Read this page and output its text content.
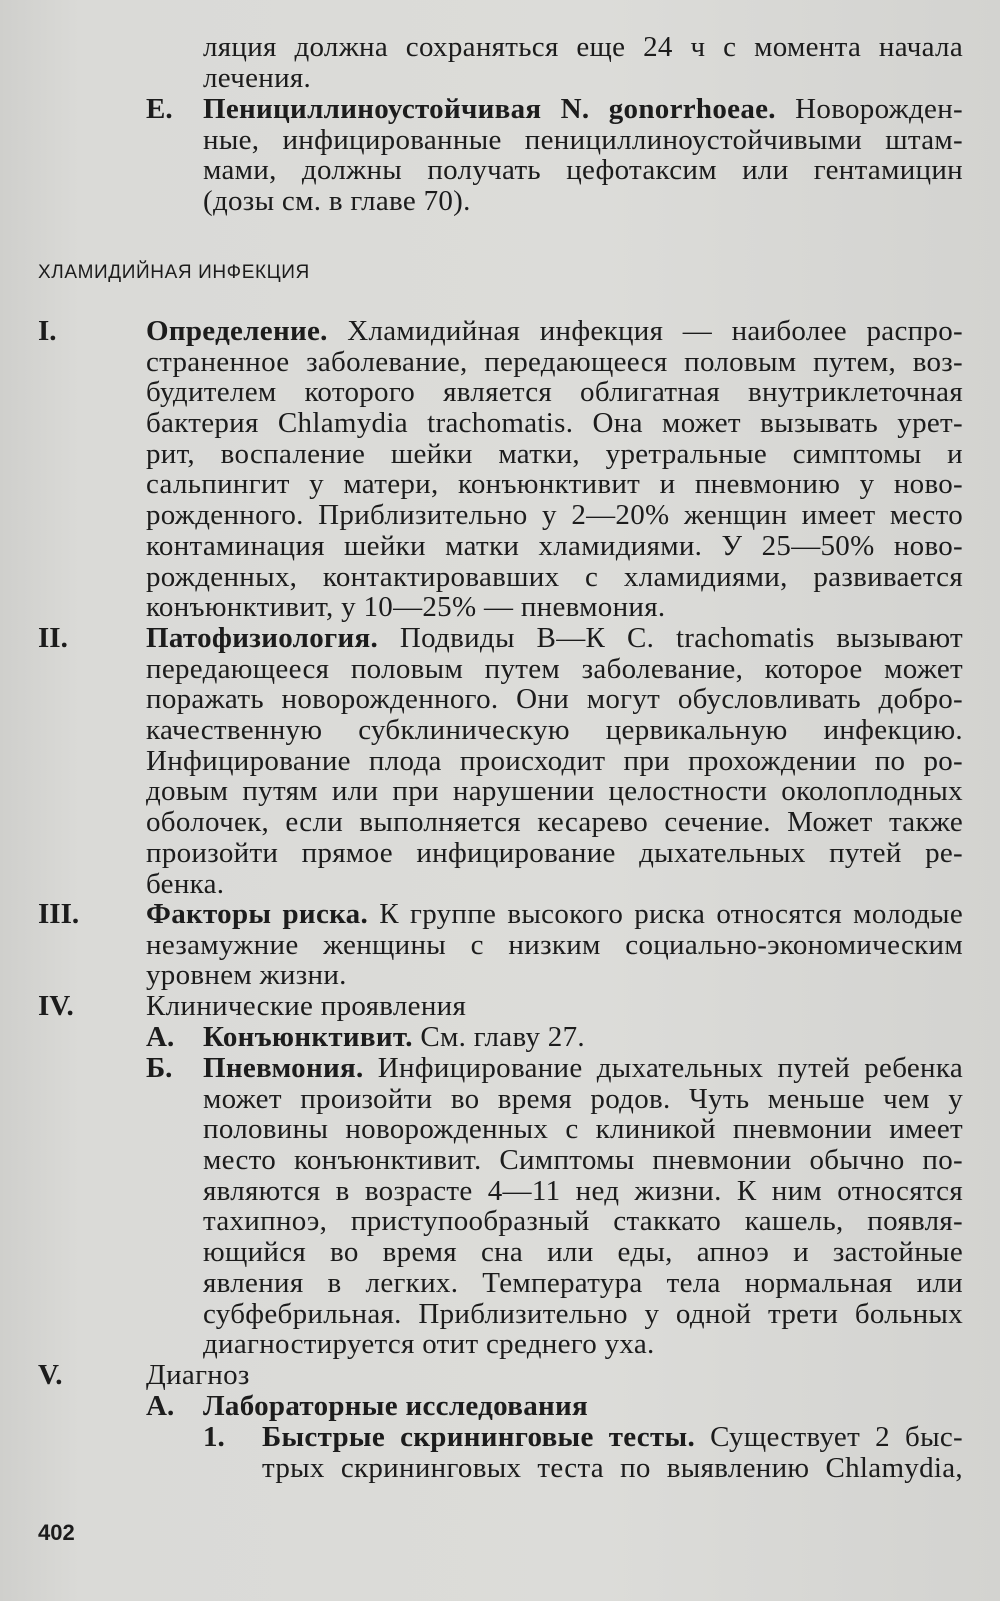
ляция должна сохраняться еще 24 ч с момента начала
лечения.
Е. Пенициллиноустойчивая N. gonorrhoeae. Новорожден-
ные, инфицированные пенициллиноустойчивыми штам-
мами, должны получать цефотаксим или гентамицин
(дозы см. в главе 70).
ХЛАМИДИЙНАЯ ИНФЕКЦИЯ
I.	Определение. Хламидийная инфекция — наиболее распро-
страненное заболевание, передающееся половым путем, воз-
будителем которого является облигатная внутриклеточная
бактерия Chlamydia trachomatis. Она может вызывать урет-
рит, воспаление шейки матки, уретральные симптомы и
сальпингит у матери, конъюнктивит и пневмонию у ново-
рожденного. Приблизительно у 2—20% женщин имеет место
контаминация шейки матки хламидиями. У 25—50% ново-
рожденных, контактировавших с хламидиями, развивается
конъюнктивит, у 10—25% — пневмония.
II.	Патофизиология. Подвиды В—К С. trachomatis вызывают
передающееся половым путем заболевание, которое может
поражать новорожденного. Они могут обусловливать добро-
качественную субклиническую цервикальную инфекцию.
Инфицирование плода происходит при прохождении по ро-
довым путям или при нарушении целостности околоплодных
оболочек, если выполняется кесарево сечение. Может также
произойти прямое инфицирование дыхательных путей ре-
бенка.
III. Факторы риска. К группе высокого риска относятся молодые
незамужние женщины с низким социально-экономическим
уровнем жизни.
IV. Клинические проявления
А. Конъюнктивит. См. главу 27.
Б. Пневмония. Инфицирование дыхательных путей ребенка
может произойти во время родов. Чуть меньше чем у
половины новорожденных с клиникой пневмонии имеет
место конъюнктивит. Симптомы пневмонии обычно по-
являются в возрасте 4—11 нед жизни. К ним относятся
тахипноэ, приступообразный стаккато кашель, появля-
ющийся во время сна или еды, апноэ и застойные
явления в легких. Температура тела нормальная или
субфебрильная. Приблизительно у одной трети больных
диагностируется отит среднего уха.
V.	Диагноз
А. Лабораторные исследования
1. Быстрые скрининговые тесты. Существует 2 быс-
трых скрининговых теста по выявлению Chlamydia,
402
